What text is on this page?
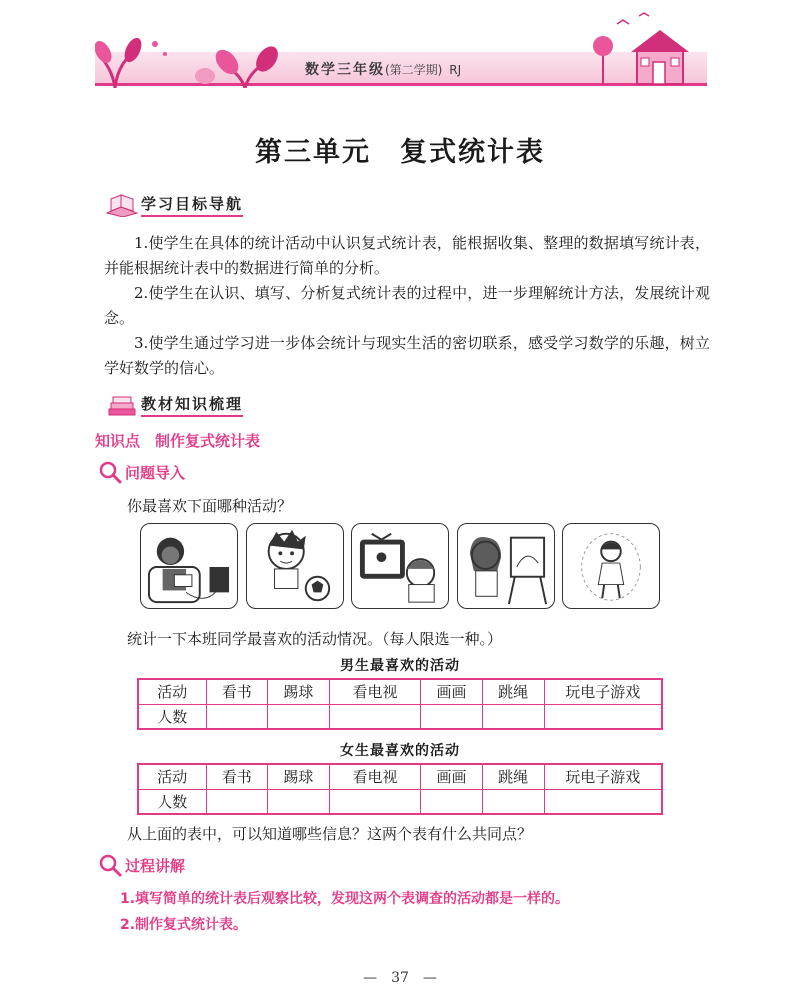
数学三年级(第二学期) RJ
第三单元　复式统计表
学习目标导航
1.使学生在具体的统计活动中认识复式统计表，能根据收集、整理的数据填写统计表，并能根据统计表中的数据进行简单的分析。
2.使学生在认识、填写、分析复式统计表的过程中，进一步理解统计方法，发展统计观念。
3.使学生通过学习进一步体会统计与现实生活的密切联系，感受学习数学的乐趣，树立学好数学的信心。
教材知识梳理
知识点　制作复式统计表
问题导入
你最喜欢下面哪种活动？
统计一下本班同学最喜欢的活动情况。（每人限选一种。）
男生最喜欢的活动
活动	看书	踢球	看电视	画画	跳绳	玩电子游戏
人数						
女生最喜欢的活动
活动	看书	踢球	看电视	画画	跳绳	玩电子游戏
人数						
从上面的表中，可以知道哪些信息？这两个表有什么共同点？
过程讲解
1.填写简单的统计表后观察比较，发现这两个表调查的活动都是一样的。
2.制作复式统计表。
—　37　—
